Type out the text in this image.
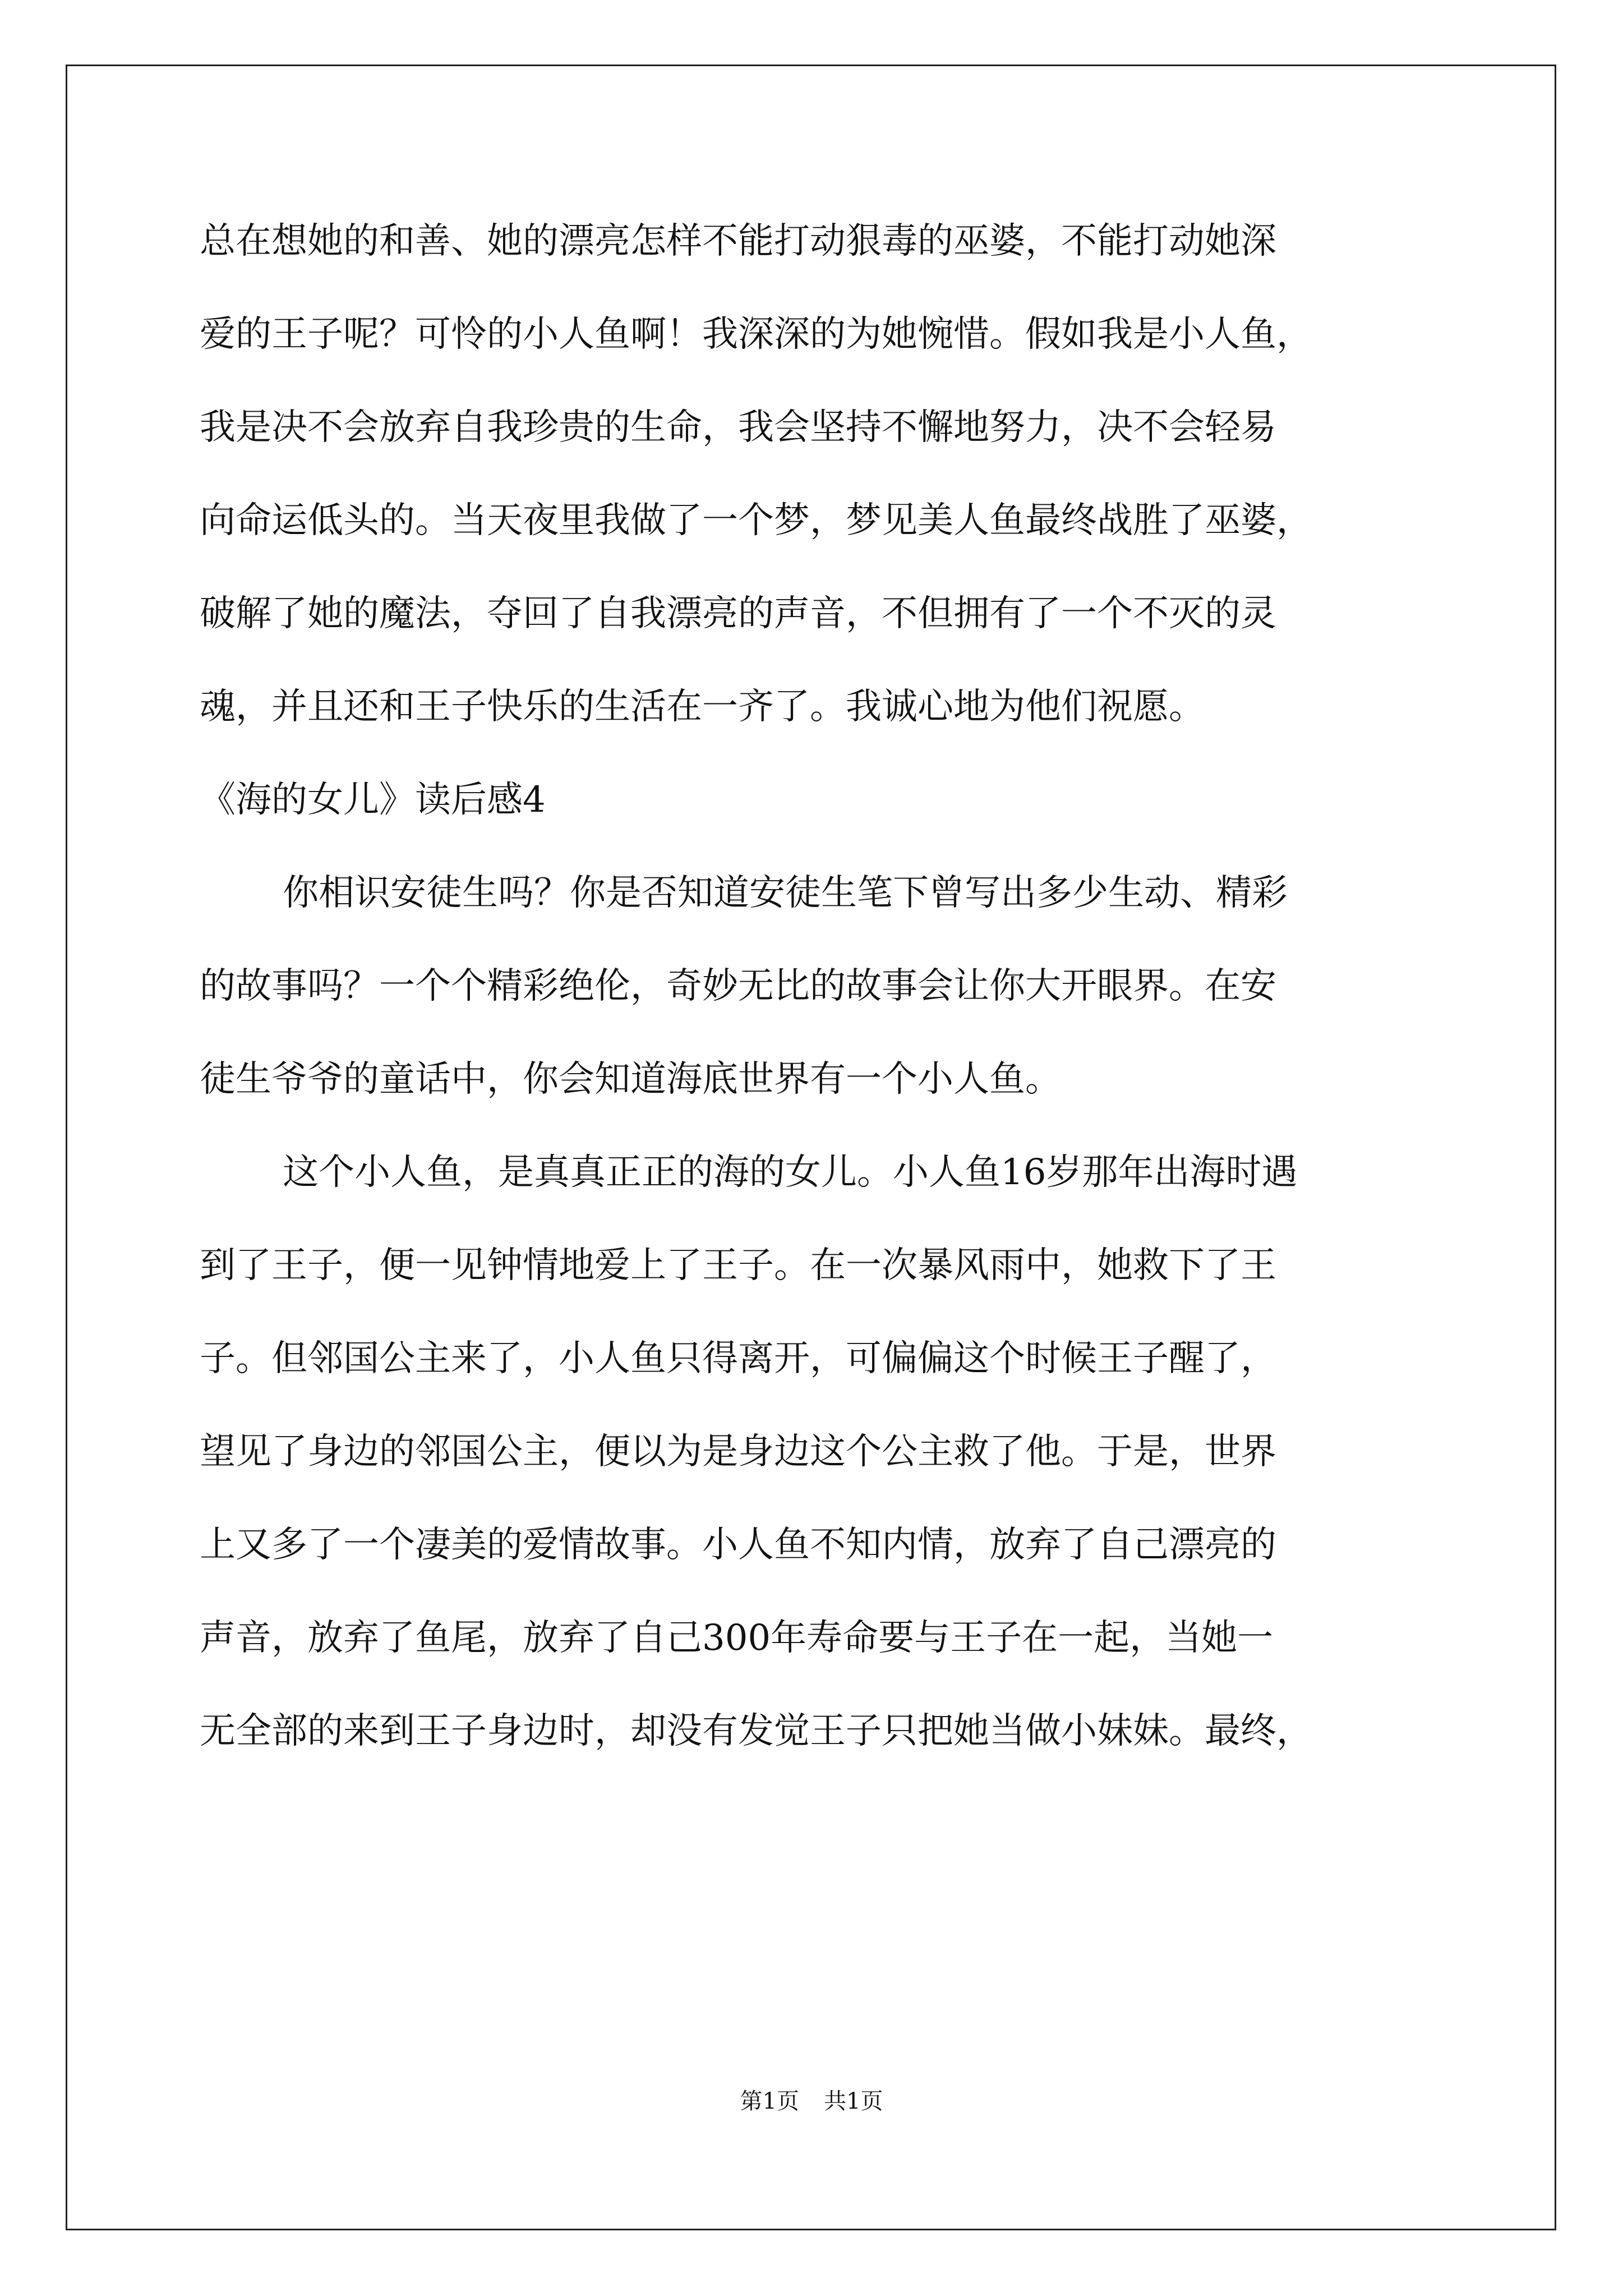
总在想她的和善、她的漂亮怎样不能打动狠毒的巫婆，不能打动她深
爱的王子呢？可怜的小人鱼啊！我深深的为她惋惜。假如我是小人鱼，
我是决不会放弃自我珍贵的生命，我会坚持不懈地努力，决不会轻易
向命运低头的。当天夜里我做了一个梦，梦见美人鱼最终战胜了巫婆，
破解了她的魔法，夺回了自我漂亮的声音，不但拥有了一个不灭的灵
魂，并且还和王子快乐的生活在一齐了。我诚心地为他们祝愿。
《海的女儿》读后感4
你相识安徒生吗？你是否知道安徒生笔下曾写出多少生动、精彩
的故事吗？一个个精彩绝伦，奇妙无比的故事会让你大开眼界。在安
徒生爷爷的童话中，你会知道海底世界有一个小人鱼。
这个小人鱼，是真真正正的海的女儿。小人鱼16岁那年出海时遇
到了王子，便一见钟情地爱上了王子。在一次暴风雨中，她救下了王
子。但邻国公主来了，小人鱼只得离开，可偏偏这个时候王子醒了，
望见了身边的邻国公主，便以为是身边这个公主救了他。于是，世界
上又多了一个凄美的爱情故事。小人鱼不知内情，放弃了自己漂亮的
声音，放弃了鱼尾，放弃了自己300年寿命要与王子在一起，当她一
无全部的来到王子身边时，却没有发觉王子只把她当做小妹妹。最终，
第1页 共1页
